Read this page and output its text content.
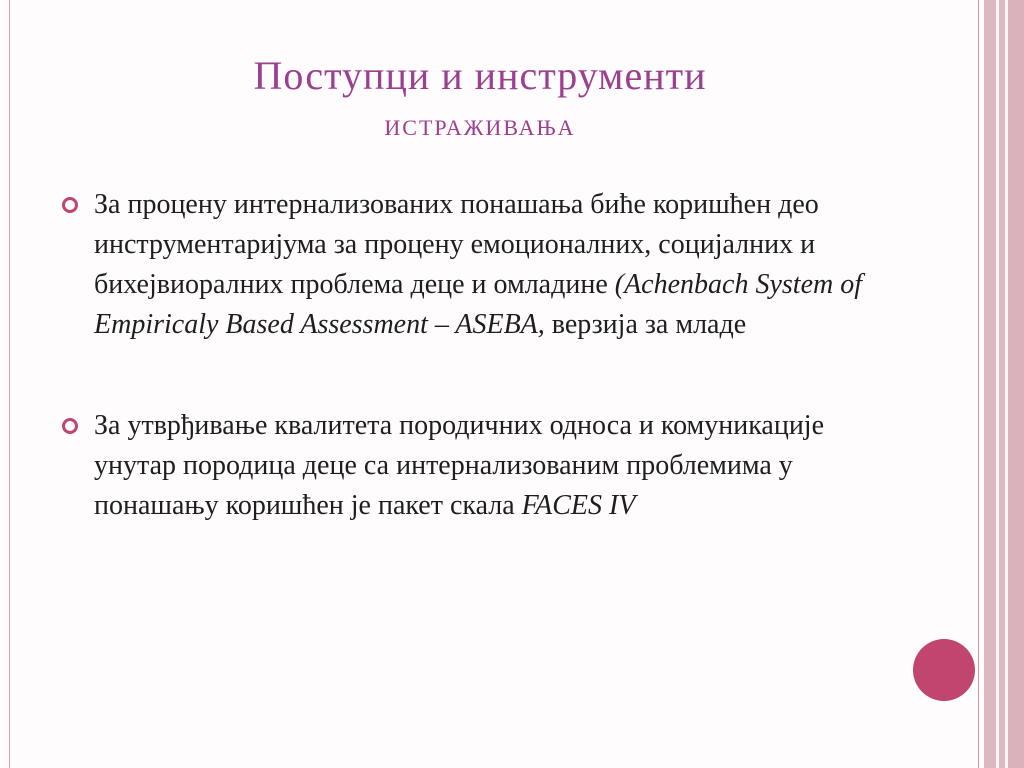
Поступци и инструменти
истраживања
За процену интернализованих понашања биће коришћен део инструментаријума за процену емоционалних, социјалних и бихејвиоралних проблема деце и омладине (Achenbach System of Empiricaly Based Assessment – ASEBA, верзија за младе
За утврђивање квалитета породичних односа и комуникације унутар породица деце са интернализованим проблемима у понашању коришћен је пакет скала FACES IV
